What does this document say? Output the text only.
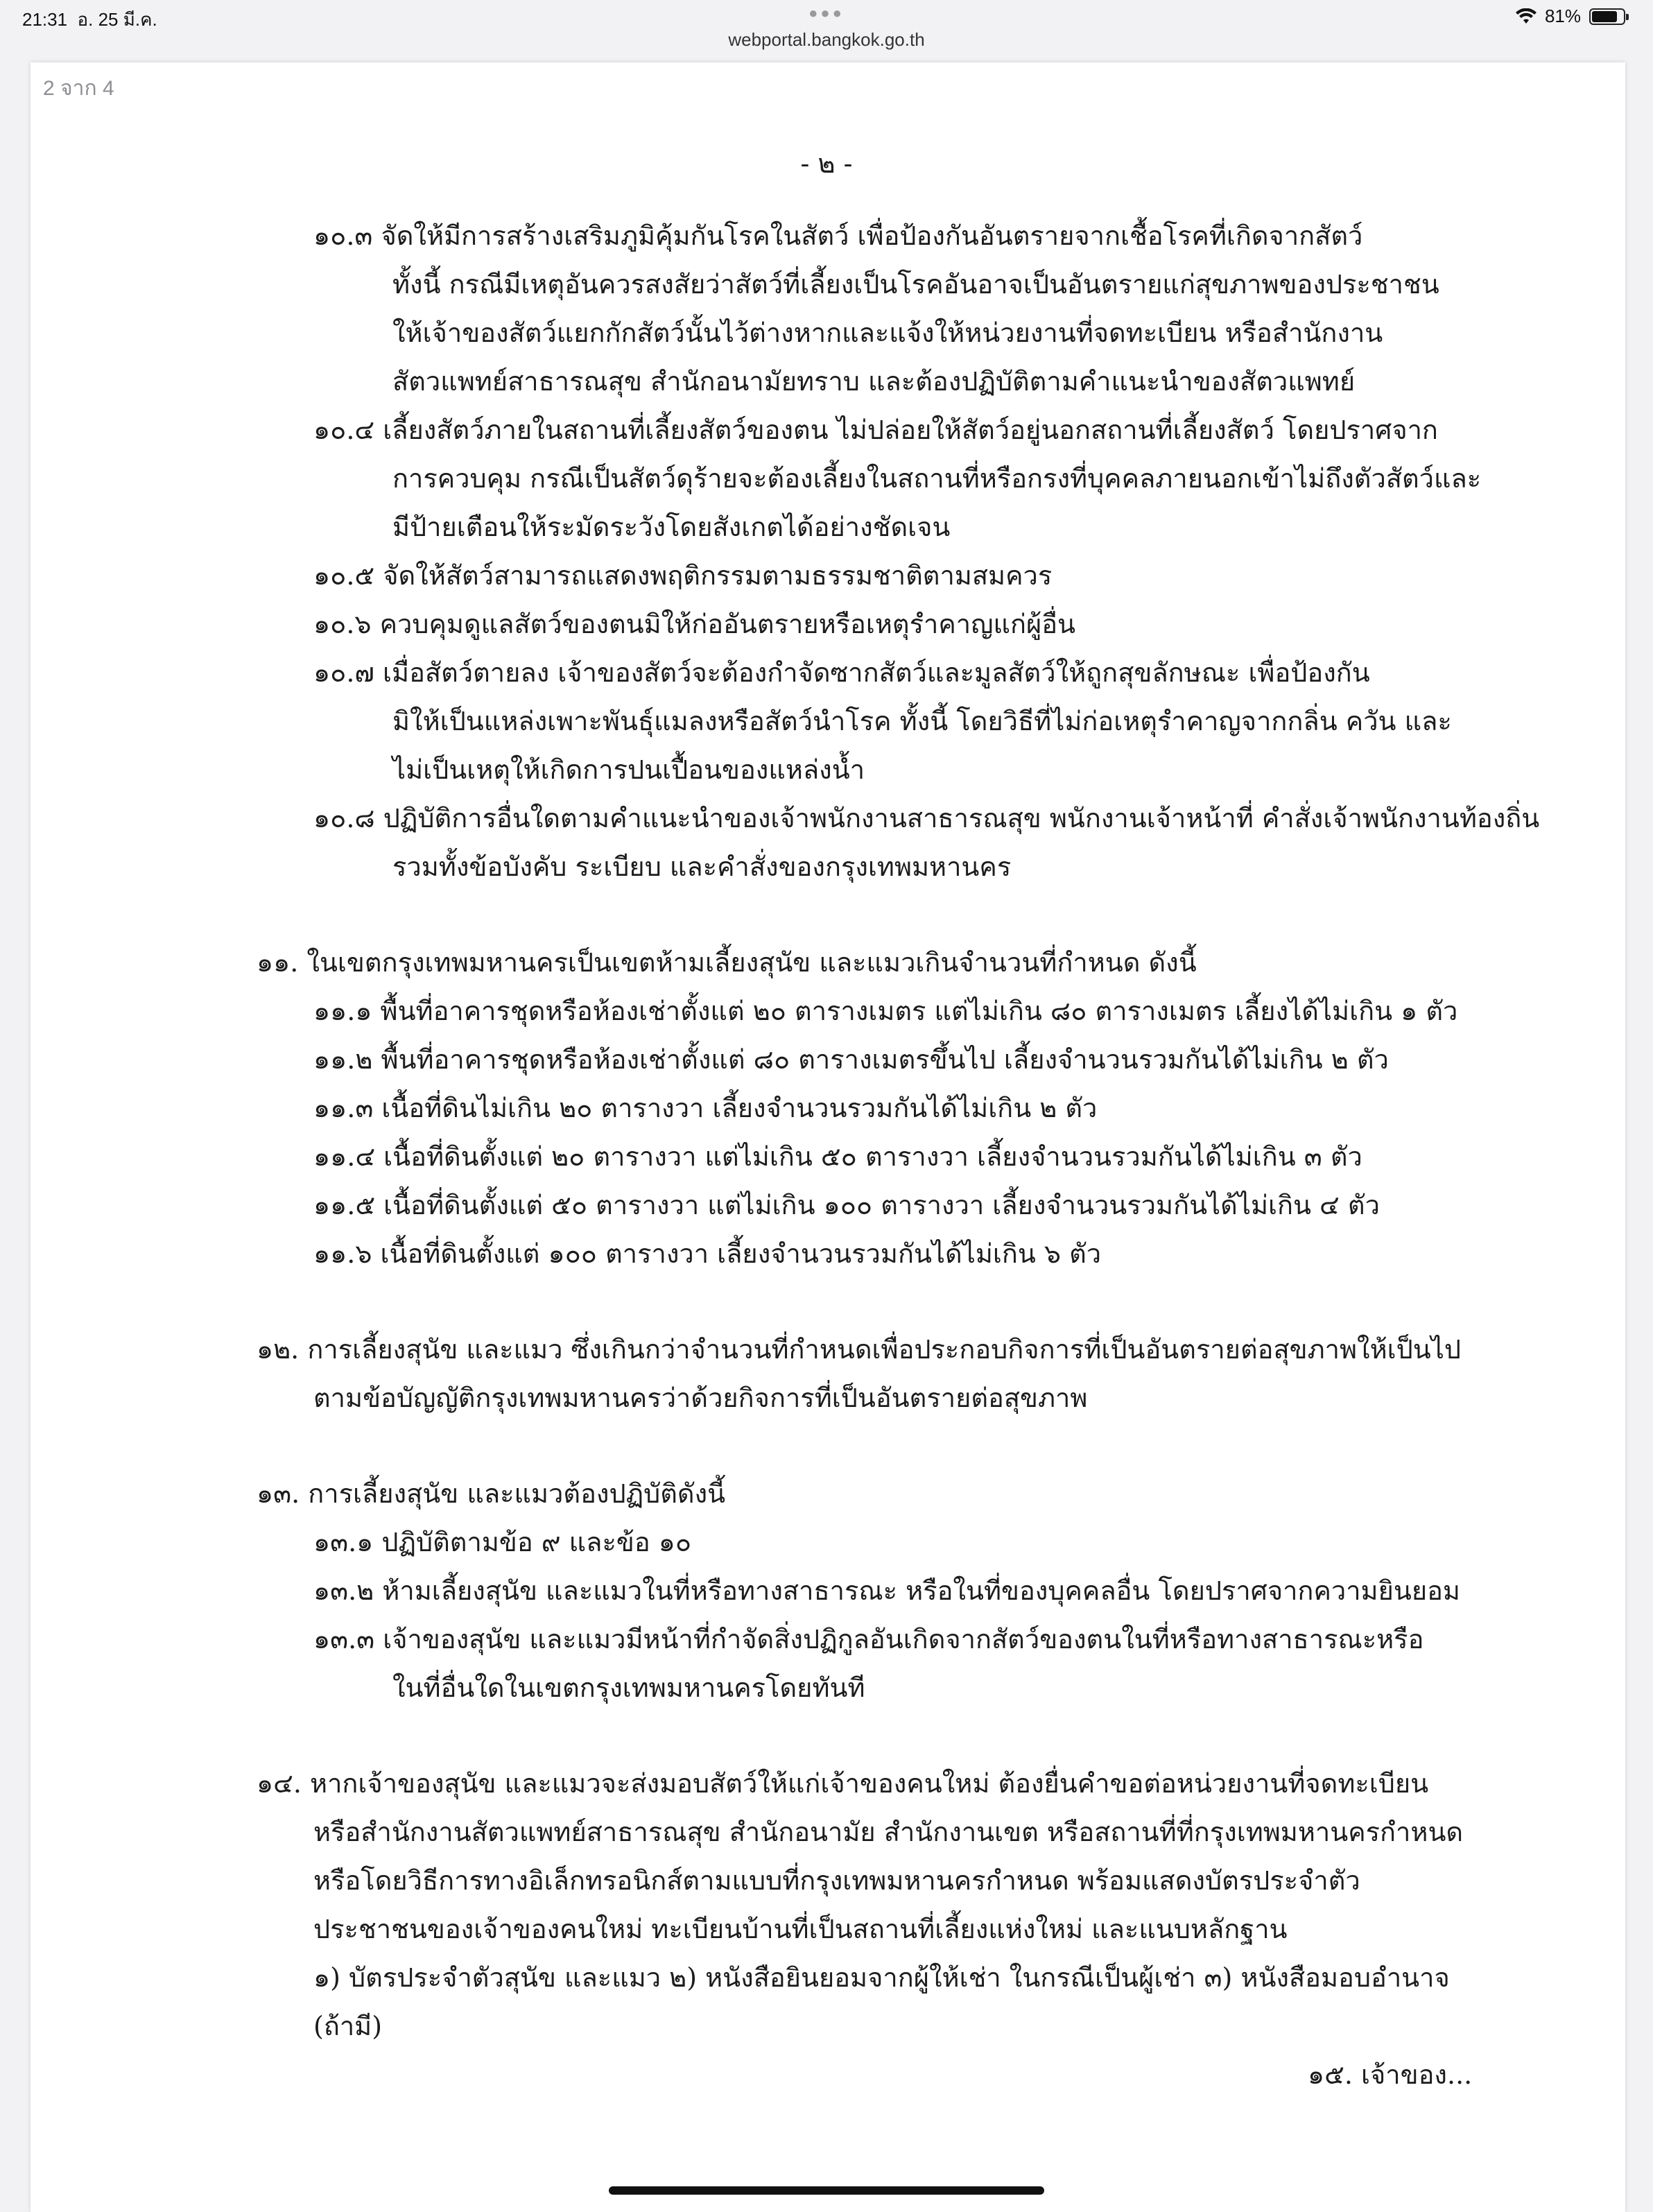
21:31 อ. 25 มี.ค.	●●●	81%
webportal.bangkok.go.th
2 จาก 4
- ๒ -
๑๐.๓ จัดให้มีการสร้างเสริมภูมิคุ้มกันโรคในสัตว์ เพื่อป้องกันอันตรายจากเชื้อโรคที่เกิดจากสัตว์
ทั้งนี้ กรณีมีเหตุอันควรสงสัยว่าสัตว์ที่เลี้ยงเป็นโรคอันอาจเป็นอันตรายแก่สุขภาพของประชาชน
ให้เจ้าของสัตว์แยกกักสัตว์นั้นไว้ต่างหากและแจ้งให้หน่วยงานที่จดทะเบียน หรือสำนักงาน
สัตวแพทย์สาธารณสุข สำนักอนามัยทราบ และต้องปฏิบัติตามคำแนะนำของสัตวแพทย์
๑๐.๔ เลี้ยงสัตว์ภายในสถานที่เลี้ยงสัตว์ของตน ไม่ปล่อยให้สัตว์อยู่นอกสถานที่เลี้ยงสัตว์ โดยปราศจาก
การควบคุม กรณีเป็นสัตว์ดุร้ายจะต้องเลี้ยงในสถานที่หรือกรงที่บุคคลภายนอกเข้าไม่ถึงตัวสัตว์และ
มีป้ายเตือนให้ระมัดระวังโดยสังเกตได้อย่างชัดเจน
๑๐.๕ จัดให้สัตว์สามารถแสดงพฤติกรรมตามธรรมชาติตามสมควร
๑๐.๖ ควบคุมดูแลสัตว์ของตนมิให้ก่ออันตรายหรือเหตุรำคาญแก่ผู้อื่น
๑๐.๗ เมื่อสัตว์ตายลง เจ้าของสัตว์จะต้องกำจัดซากสัตว์และมูลสัตว์ให้ถูกสุขลักษณะ เพื่อป้องกัน
มิให้เป็นแหล่งเพาะพันธุ์แมลงหรือสัตว์นำโรค ทั้งนี้ โดยวิธีที่ไม่ก่อเหตุรำคาญจากกลิ่น ควัน และ
ไม่เป็นเหตุให้เกิดการปนเปื้อนของแหล่งน้ำ
๑๐.๘ ปฏิบัติการอื่นใดตามคำแนะนำของเจ้าพนักงานสาธารณสุข พนักงานเจ้าหน้าที่ คำสั่งเจ้าพนักงานท้องถิ่น
รวมทั้งข้อบังคับ ระเบียบ และคำสั่งของกรุงเทพมหานคร
๑๑. ในเขตกรุงเทพมหานครเป็นเขตห้ามเลี้ยงสุนัข และแมวเกินจำนวนที่กำหนด ดังนี้
๑๑.๑ พื้นที่อาคารชุดหรือห้องเช่าตั้งแต่ ๒๐ ตารางเมตร แต่ไม่เกิน ๘๐ ตารางเมตร เลี้ยงได้ไม่เกิน ๑ ตัว
๑๑.๒ พื้นที่อาคารชุดหรือห้องเช่าตั้งแต่ ๘๐ ตารางเมตรขึ้นไป เลี้ยงจำนวนรวมกันได้ไม่เกิน ๒ ตัว
๑๑.๓ เนื้อที่ดินไม่เกิน ๒๐ ตารางวา เลี้ยงจำนวนรวมกันได้ไม่เกิน ๒ ตัว
๑๑.๔ เนื้อที่ดินตั้งแต่ ๒๐ ตารางวา แต่ไม่เกิน ๕๐ ตารางวา เลี้ยงจำนวนรวมกันได้ไม่เกิน ๓ ตัว
๑๑.๕ เนื้อที่ดินตั้งแต่ ๕๐ ตารางวา แต่ไม่เกิน ๑๐๐ ตารางวา เลี้ยงจำนวนรวมกันได้ไม่เกิน ๔ ตัว
๑๑.๖ เนื้อที่ดินตั้งแต่ ๑๐๐ ตารางวา เลี้ยงจำนวนรวมกันได้ไม่เกิน ๖ ตัว
๑๒. การเลี้ยงสุนัข และแมว ซึ่งเกินกว่าจำนวนที่กำหนดเพื่อประกอบกิจการที่เป็นอันตรายต่อสุขภาพให้เป็นไป
ตามข้อบัญญัติกรุงเทพมหานครว่าด้วยกิจการที่เป็นอันตรายต่อสุขภาพ
๑๓. การเลี้ยงสุนัข และแมวต้องปฏิบัติดังนี้
๑๓.๑ ปฏิบัติตามข้อ ๙ และข้อ ๑๐
๑๓.๒ ห้ามเลี้ยงสุนัข และแมวในที่หรือทางสาธารณะ หรือในที่ของบุคคลอื่น โดยปราศจากความยินยอม
๑๓.๓ เจ้าของสุนัข และแมวมีหน้าที่กำจัดสิ่งปฏิกูลอันเกิดจากสัตว์ของตนในที่หรือทางสาธารณะหรือ
ในที่อื่นใดในเขตกรุงเทพมหานครโดยทันที
๑๔. หากเจ้าของสุนัข และแมวจะส่งมอบสัตว์ให้แก่เจ้าของคนใหม่ ต้องยื่นคำขอต่อหน่วยงานที่จดทะเบียน
หรือสำนักงานสัตวแพทย์สาธารณสุข สำนักอนามัย สำนักงานเขต หรือสถานที่ที่กรุงเทพมหานครกำหนด
หรือโดยวิธีการทางอิเล็กทรอนิกส์ตามแบบที่กรุงเทพมหานครกำหนด พร้อมแสดงบัตรประจำตัว
ประชาชนของเจ้าของคนใหม่ ทะเบียนบ้านที่เป็นสถานที่เลี้ยงแห่งใหม่ และแนบหลักฐาน
๑) บัตรประจำตัวสุนัข และแมว ๒) หนังสือยินยอมจากผู้ให้เช่า ในกรณีเป็นผู้เช่า ๓) หนังสือมอบอำนาจ
(ถ้ามี)
๑๕. เจ้าของ...
